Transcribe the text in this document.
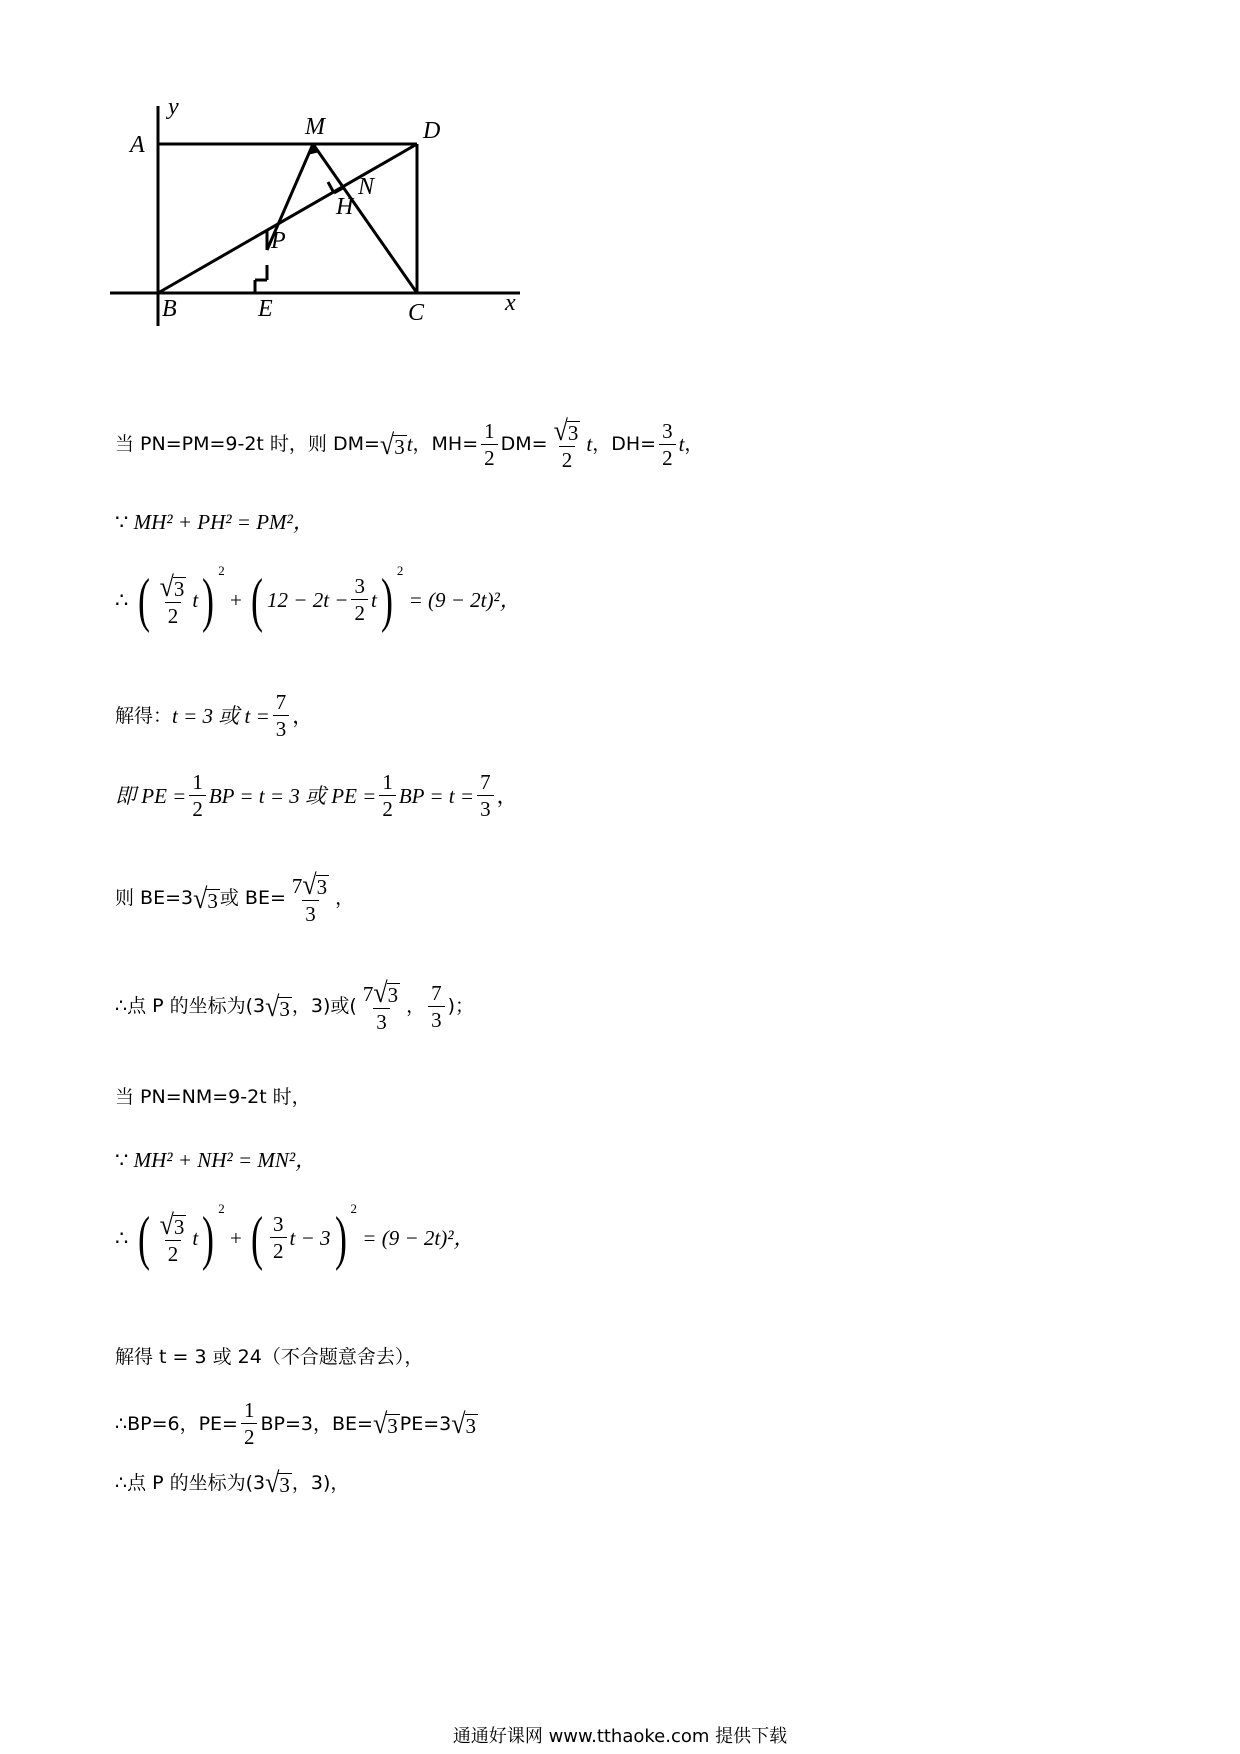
y
x
A
M	D
N
H
P
B	E	C
当 PN=PM=9-2t 时，则 DM= √ 3 t ，$MH= \frac{1}{2} DM= \frac{√ 3}{2}$ t ，$DH= \frac{3}{2}$ t ，
∵
MH² + PH² = PM²，
∴
( $\frac{√ 3}{2}$ t ) 2
+ ( $12 - 2t - \frac{3}{2}$ t ) 2

= (9 − 2t)²，
解得： t = 3 或 $t = \frac{7}{3}$ ，
即 PE = $\frac{1}{2}$ BP = t = 3 或 PE = $\frac{1}{2}$ BP = $t = \frac{7}{3}$ ，
则 BE=3 √ 3 或 $BE= \frac{7 √ 3}{3}$ ，
∴点 P 的坐标为(3 √ 3 ，3)或( $\frac{7 √ 3}{3}$ ， $\frac{7}{3}$ )；
当 PN=NM=9-2t 时，
∵
MH² + NH² = MN²，
∴
( $\frac{√ 3}{2}$ t ) 2
+ ( $\frac{3}{2}$ t − 3 ) 2

= (9 − 2t)²，
解得 t = 3 或 24（不合题意舍去），
∴BP=6，$PE= \frac{1}{2} BP=3$，BE= √ 3 PE=3 √ 3
∴点 P 的坐标为(3 √ 3 ，3)，
通通好课网 www.tthaoke.com 提供下载
